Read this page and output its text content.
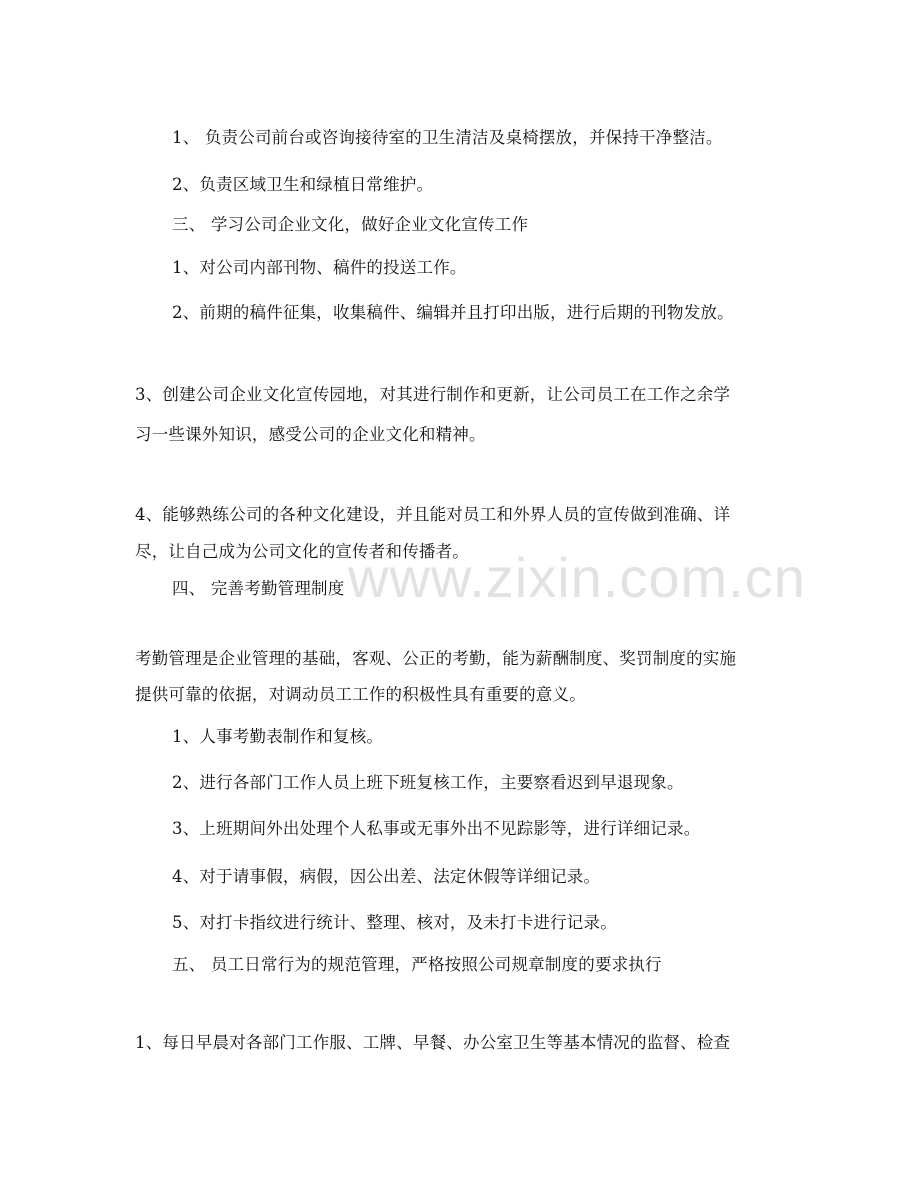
www.zixin.com.cn
1、 负责公司前台或咨询接待室的卫生清洁及桌椅摆放，并保持干净整洁。
2、负责区域卫生和绿植日常维护。
三、 学习公司企业文化，做好企业文化宣传工作
1、对公司内部刊物、稿件的投送工作。
2、前期的稿件征集，收集稿件、编辑并且打印出版，进行后期的刊物发放。
3、创建公司企业文化宣传园地，对其进行制作和更新，让公司员工在工作之余学
习一些课外知识，感受公司的企业文化和精神。
4、能够熟练公司的各种文化建设，并且能对员工和外界人员的宣传做到准确、详
尽，让自己成为公司文化的宣传者和传播者。
四、 完善考勤管理制度
考勤管理是企业管理的基础，客观、公正的考勤，能为薪酬制度、奖罚制度的实施
提供可靠的依据，对调动员工工作的积极性具有重要的意义。
1、人事考勤表制作和复核。
2、进行各部门工作人员上班下班复核工作，主要察看迟到早退现象。
3、上班期间外出处理个人私事或无事外出不见踪影等，进行详细记录。
4、对于请事假，病假，因公出差、法定休假等详细记录。
5、对打卡指纹进行统计、整理、核对，及未打卡进行记录。
五、 员工日常行为的规范管理，严格按照公司规章制度的要求执行
1、每日早晨对各部门工作服、工牌、早餐、办公室卫生等基本情况的监督、检查
